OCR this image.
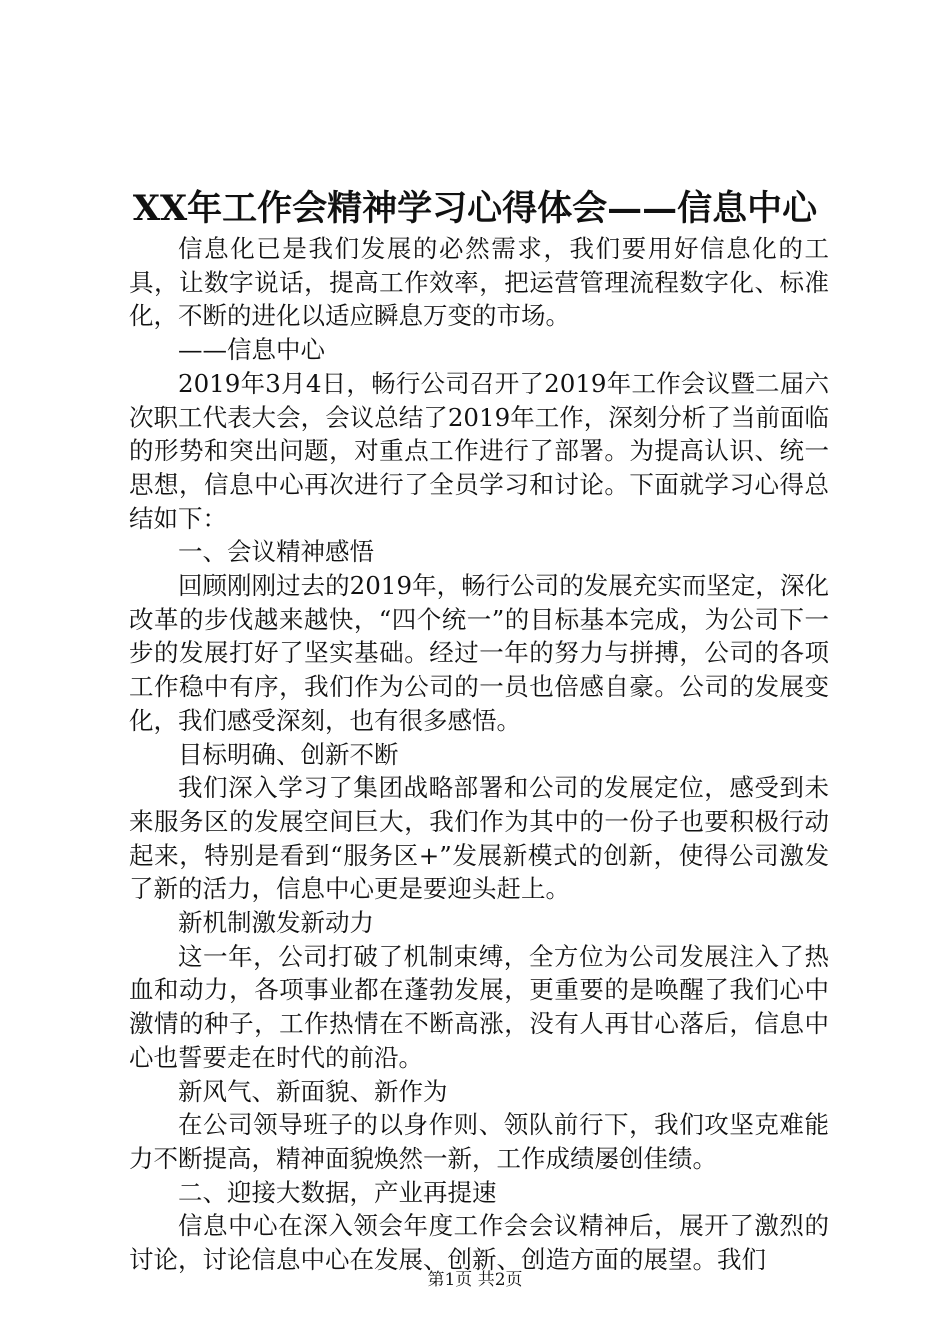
XX年工作会精神学习心得体会——信息中心

信息化已是我们发展的必然需求，我们要用好信息化的工具，让数字说话，提高工作效率，把运营管理流程数字化、标准化，不断的进化以适应瞬息万变的市场。

——信息中心

2019年3月4日，畅行公司召开了2019年工作会议暨二届六次职工代表大会，会议总结了2019年工作，深刻分析了当前面临的形势和突出问题，对重点工作进行了部署。为提高认识、统一思想，信息中心再次进行了全员学习和讨论。下面就学习心得总结如下：

一、会议精神感悟

回顾刚刚过去的2019年，畅行公司的发展充实而坚定，深化改革的步伐越来越快，“四个统一”的目标基本完成，为公司下一步的发展打好了坚实基础。经过一年的努力与拼搏，公司的各项工作稳中有序，我们作为公司的一员也倍感自豪。公司的发展变化，我们感受深刻，也有很多感悟。

目标明确、创新不断

我们深入学习了集团战略部署和公司的发展定位，感受到未来服务区的发展空间巨大，我们作为其中的一份子也要积极行动起来，特别是看到“服务区+”发展新模式的创新，使得公司激发了新的活力，信息中心更是要迎头赶上。

新机制激发新动力

这一年，公司打破了机制束缚，全方位为公司发展注入了热血和动力，各项事业都在蓬勃发展，更重要的是唤醒了我们心中激情的种子，工作热情在不断高涨，没有人再甘心落后，信息中心也誓要走在时代的前沿。

新风气、新面貌、新作为

在公司领导班子的以身作则、领队前行下，我们攻坚克难能力不断提高，精神面貌焕然一新，工作成绩屡创佳绩。

二、迎接大数据，产业再提速

信息中心在深入领会年度工作会会议精神后，展开了激烈的讨论，讨论信息中心在发展、创新、创造方面的展望。我们

第1页 共2页
